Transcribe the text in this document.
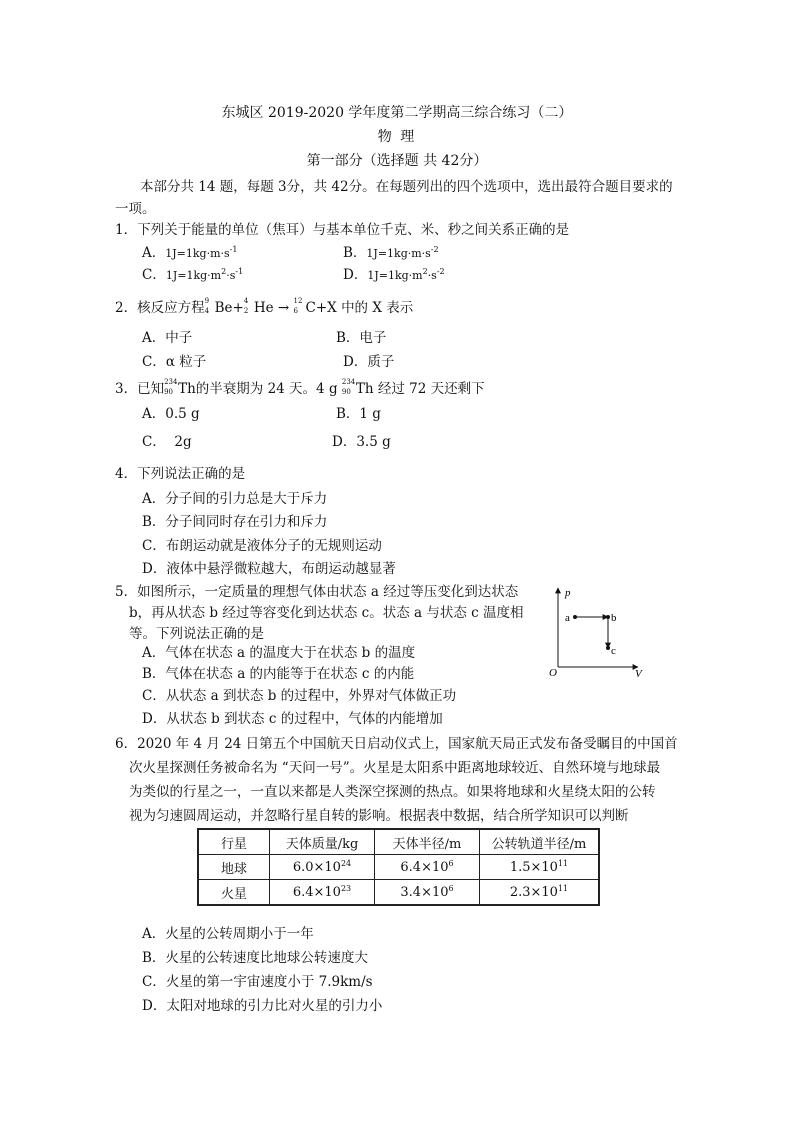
东城区 2019-2020 学年度第二学期高三综合练习（二）
物 理
第一部分（选择题 共 42分）
本部分共 14 题，每题 3分，共 42分。在每题列出的四个选项中，选出最符合题目要求的
一项。
1．下列关于能量的单位（焦耳）与基本单位千克、米、秒之间关系正确的是
A．$1J=1kg\cdot m\cdot s^{-1}$	B．$1J=1kg\cdot m\cdot s^{-2}$
C．$1J=1kg\cdot m^2\cdot s^{-1}$	D．$1J=1kg\cdot m^2\cdot s^{-2}$
2．核反应方程 9
4 Be+ 4
2 He → 12
6 C+X 中的 X 表示
A．中子	B．电子
C．α 粒子	D．质子
3．已知 234
90 Th的半衰期为 24 天。4 g 234
90 Th 经过 72 天还剩下
A．0.5 g	B．1 g
C．  2g	D．3.5 g
4．下列说法正确的是
A．分子间的引力总是大于斥力
B．分子间同时存在引力和斥力
C．布朗运动就是液体分子的无规则运动
D．液体中悬浮微粒越大，布朗运动越显著
5．如图所示，一定质量的理想气体由状态 a 经过等压变化到达状态
b，再从状态 b 经过等容变化到达状态 c。状态 a 与状态 c 温度相
等。下列说法正确的是
A．气体在状态 a 的温度大于在状态 b 的温度
B．气体在状态 a 的内能等于在状态 c 的内能
C．从状态 a 到状态 b 的过程中，外界对气体做正功
D．从状态 b 到状态 c 的过程中，气体的内能增加
p
V
O
a	b
c
6．2020 年 4 月 24 日第五个中国航天日启动仪式上，国家航天局正式发布备受瞩目的中国首
次火星探测任务被命名为 “天问一号”。火星是太阳系中距离地球较近、自然环境与地球最
为类似的行星之一，一直以来都是人类深空探测的热点。如果将地球和火星绕太阳的公转
视为匀速圆周运动，并忽略行星自转的影响。根据表中数据，结合所学知识可以判断
行星	天体质量/kg	天体半径/m	公转轨道半径/m
地球	$6.0\times 10^{24}$	$6.4\times 10^6$	$1.5\times 10^{11}$
火星	$6.4\times 10^{23}$	$3.4\times 10^6$	$2.3\times 10^{11}$
A．火星的公转周期小于一年
B．火星的公转速度比地球公转速度大
C．火星的第一宇宙速度小于 7.9km/s
D．太阳对地球的引力比对火星的引力小
